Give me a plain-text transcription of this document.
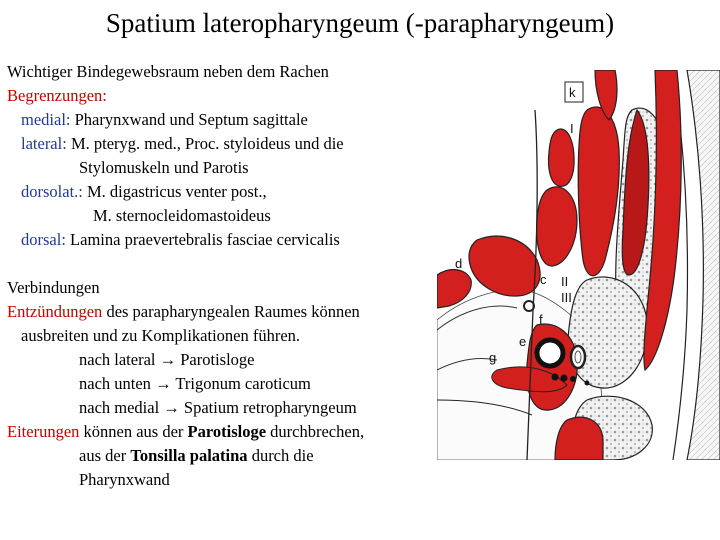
Spatium lateropharyngeum (-parapharyngeum)
Wichtiger Bindegewebsraum neben dem Rachen
Begrenzungen:
medial: Pharynxwand und Septum sagittale
lateral: M. pteryg. med., Proc. styloideus und die
Stylomuskeln und Parotis
dorsolat.: M. digastricus venter post.,
M. sternocleidomastoideus
dorsal: Lamina praevertebralis fasciae cervicalis
Verbindungen
Entzündungen des parapharyngealen Raumes können
ausbreiten und zu Komplikationen führen.
nach lateral → Parotisloge
nach unten → Trigonum caroticum
nach medial → Spatium retropharyngeum
Eiterungen können aus der Parotisloge durchbrechen,
aus der Tonsilla palatina durch die
Pharynxwand
k
I
II
III
c
d
e
f
g
